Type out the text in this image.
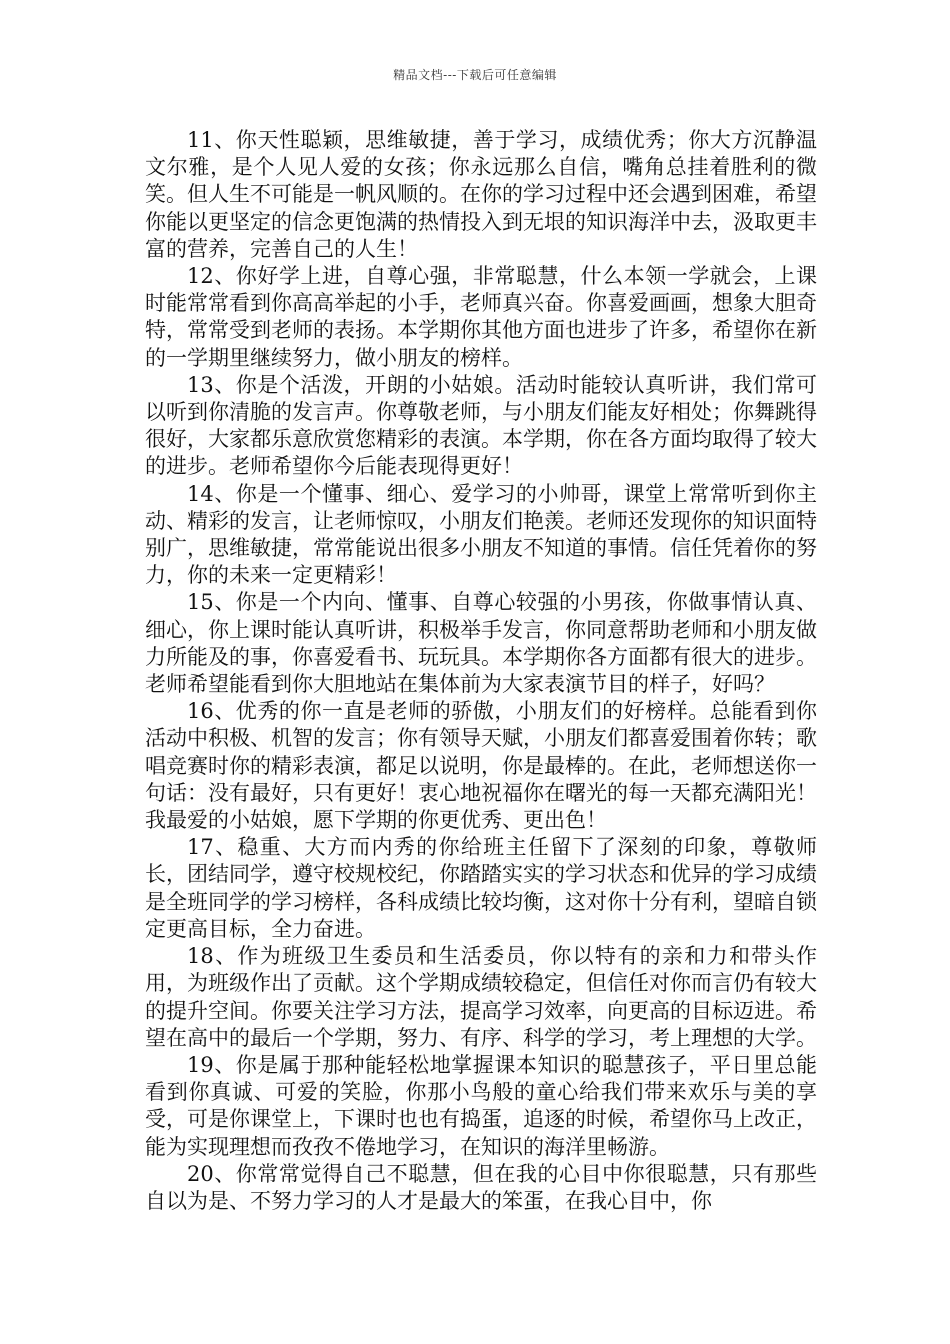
精品文档---下载后可任意编辑

11、你天性聪颖，思维敏捷，善于学习，成绩优秀；你大方沉静温文尔雅，是个人见人爱的女孩；你永远那么自信，嘴角总挂着胜利的微笑。但人生不可能是一帆风顺的。在你的学习过程中还会遇到困难，希望你能以更坚定的信念更饱满的热情投入到无垠的知识海洋中去，汲取更丰富的营养，完善自己的人生！

12、你好学上进，自尊心强，非常聪慧，什么本领一学就会，上课时能常常看到你高高举起的小手，老师真兴奋。你喜爱画画，想象大胆奇特，常常受到老师的表扬。本学期你其他方面也进步了许多，希望你在新的一学期里继续努力，做小朋友的榜样。

13、你是个活泼，开朗的小姑娘。活动时能较认真听讲，我们常可以听到你清脆的发言声。你尊敬老师，与小朋友们能友好相处；你舞跳得很好，大家都乐意欣赏您精彩的表演。本学期，你在各方面均取得了较大的进步。老师希望你今后能表现得更好！

14、你是一个懂事、细心、爱学习的小帅哥，课堂上常常听到你主动、精彩的发言，让老师惊叹，小朋友们艳羡。老师还发现你的知识面特别广，思维敏捷，常常能说出很多小朋友不知道的事情。信任凭着你的努力，你的未来一定更精彩！

15、你是一个内向、懂事、自尊心较强的小男孩，你做事情认真、细心，你上课时能认真听讲，积极举手发言，你同意帮助老师和小朋友做力所能及的事，你喜爱看书、玩玩具。本学期你各方面都有很大的进步。老师希望能看到你大胆地站在集体前为大家表演节目的样子，好吗？

16、优秀的你一直是老师的骄傲，小朋友们的好榜样。总能看到你活动中积极、机智的发言；你有领导天赋，小朋友们都喜爱围着你转；歌唱竞赛时你的精彩表演，都足以说明，你是最棒的。在此，老师想送你一句话：没有最好，只有更好！衷心地祝福你在曙光的每一天都充满阳光！我最爱的小姑娘，愿下学期的你更优秀、更出色！

17、稳重、大方而内秀的你给班主任留下了深刻的印象，尊敬师长，团结同学，遵守校规校纪，你踏踏实实的学习状态和优异的学习成绩是全班同学的学习榜样，各科成绩比较均衡，这对你十分有利，望暗自锁定更高目标，全力奋进。

18、作为班级卫生委员和生活委员，你以特有的亲和力和带头作用，为班级作出了贡献。这个学期成绩较稳定，但信任对你而言仍有较大的提升空间。你要关注学习方法，提高学习效率，向更高的目标迈进。希望在高中的最后一个学期，努力、有序、科学的学习，考上理想的大学。

19、你是属于那种能轻松地掌握课本知识的聪慧孩子，平日里总能看到你真诚、可爱的笑脸，你那小鸟般的童心给我们带来欢乐与美的享受，可是你课堂上，下课时也也有捣蛋，追逐的时候，希望你马上改正，能为实现理想而孜孜不倦地学习，在知识的海洋里畅游。

20、你常常觉得自己不聪慧，但在我的心目中你很聪慧，只有那些自以为是、不努力学习的人才是最大的笨蛋，在我心目中，你
